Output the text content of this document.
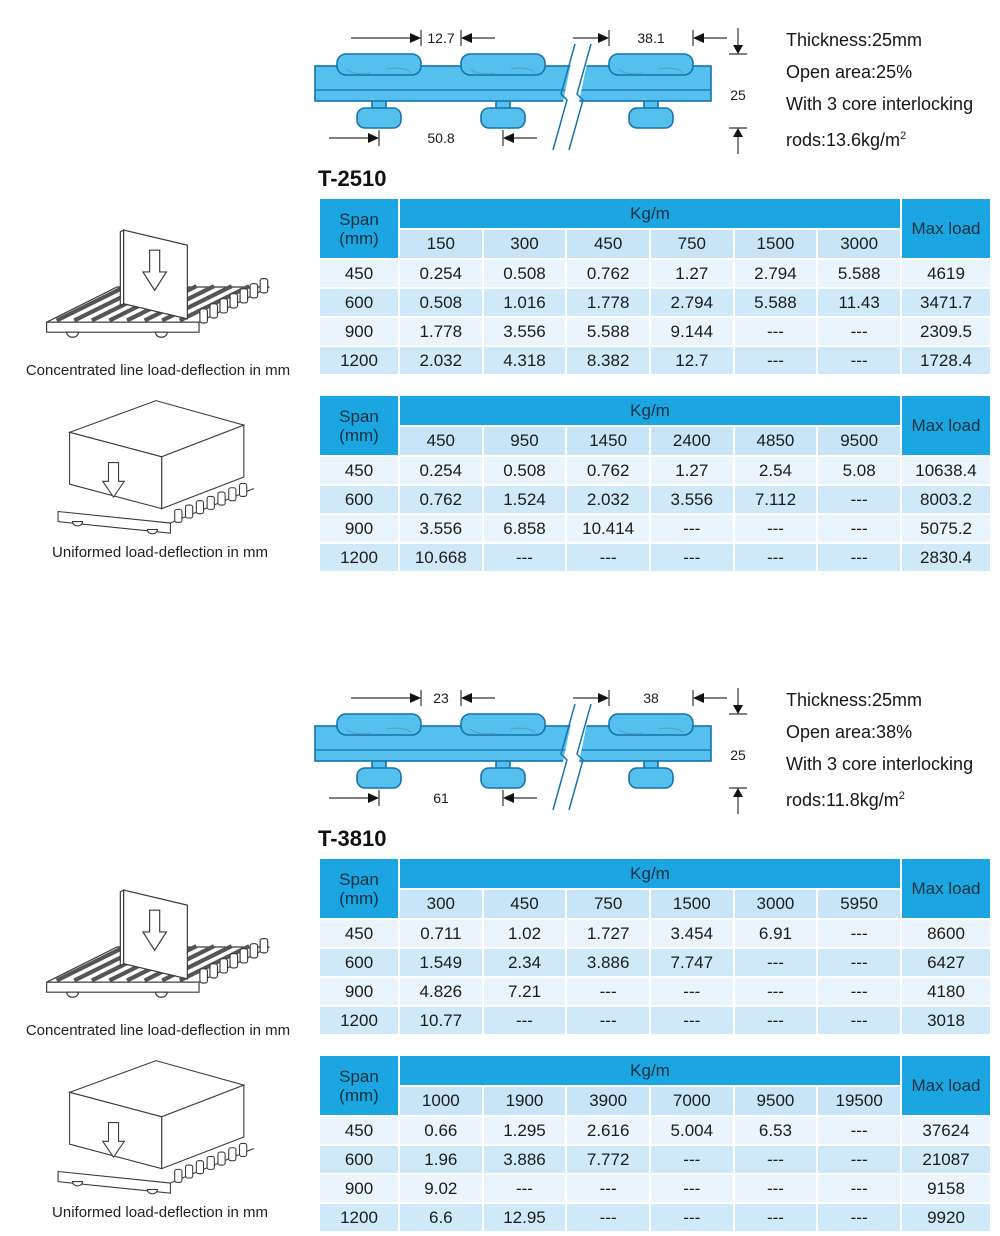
12.7	38.1
50.8
25
Thickness:25mm
Open area:25%
With 3 core interlocking
$rods:13.6kg/m^2$
T-2510
Span
(mm)	Kg/m						Max load
	150	300	450	750	1500	3000	
450	0.254	0.508	0.762	1.27	2.794	5.588	4619
600	0.508	1.016	1.778	2.794	5.588	11.43	3471.7
900	1.778	3.556	5.588	9.144	---	---	2309.5
1200	2.032	4.318	8.382	12.7	---	---	1728.4
Span
(mm)	Kg/m						Max load
	450	950	1450	2400	4850	9500	
450	0.254	0.508	0.762	1.27	2.54	5.08	10638.4
600	0.762	1.524	2.032	3.556	7.112	---	8003.2
900	3.556	6.858	10.414	---	---	---	5075.2
1200	10.668	---	---	---	---	---	2830.4
Concentrated line load-deflection in mm
Uniformed load-deflection in mm
23	38
61
25
Thickness:25mm
Open area:38%
With 3 core interlocking
$rods:11.8kg/m^2$
T-3810
Span
(mm)	Kg/m						Max load
	300	450	750	1500	3000	5950	
450	0.711	1.02	1.727	3.454	6.91	---	8600
600	1.549	2.34	3.886	7.747	---	---	6427
900	4.826	7.21	---	---	---	---	4180
1200	10.77	---	---	---	---	---	3018
Span
(mm)	Kg/m						Max load
	1000	1900	3900	7000	9500	19500	
450	0.66	1.295	2.616	5.004	6.53	---	37624
600	1.96	3.886	7.772	---	---	---	21087
900	9.02	---	---	---	---	---	9158
1200	6.6	12.95	---	---	---	---	9920
Concentrated line load-deflection in mm
Uniformed load-deflection in mm
